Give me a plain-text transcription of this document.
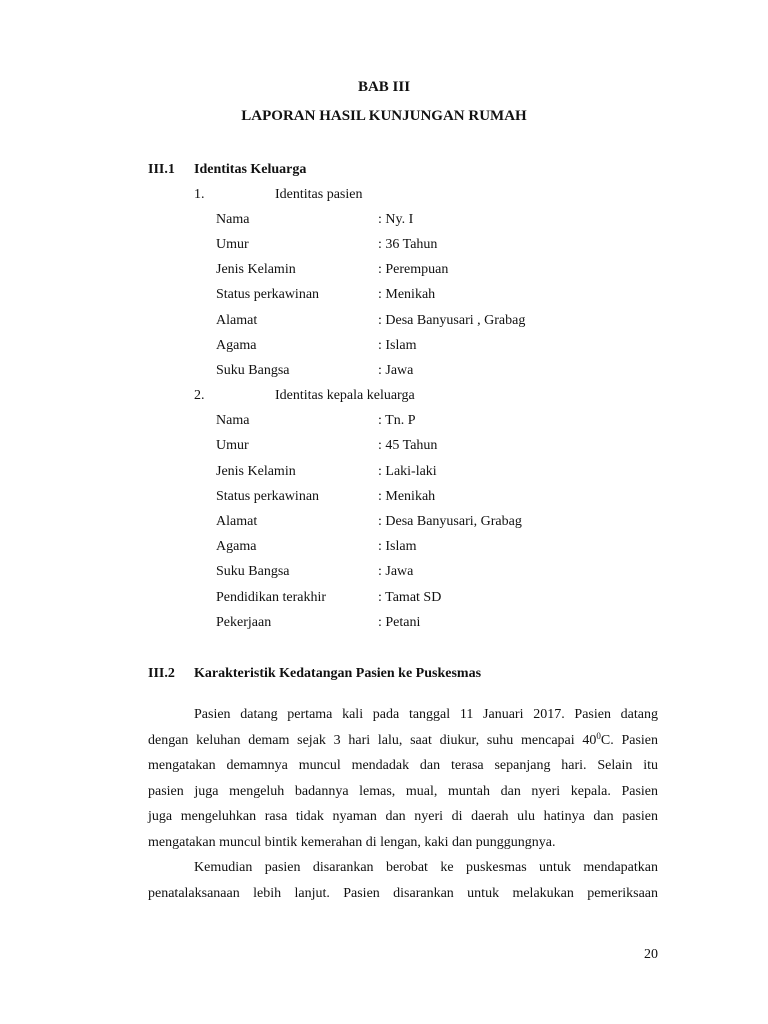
BAB III
LAPORAN HASIL KUNJUNGAN RUMAH
III.1 Identitas Keluarga
1.	Identitas pasien
Nama	: Ny. I
Umur	: 36 Tahun
Jenis Kelamin	: Perempuan
Status perkawinan	: Menikah
Alamat	: Desa Banyusari , Grabag
Agama	: Islam
Suku Bangsa	: Jawa
2.	Identitas kepala keluarga
Nama	: Tn. P
Umur	: 45 Tahun
Jenis Kelamin	: Laki-laki
Status perkawinan	: Menikah
Alamat	: Desa Banyusari, Grabag
Agama	: Islam
Suku Bangsa	: Jawa
Pendidikan terakhir	: Tamat SD
Pekerjaan	: Petani
III.2 Karakteristik Kedatangan Pasien ke Puskesmas

Pasien datang pertama kali pada tanggal 11 Januari 2017. Pasien datang
dengan keluhan demam sejak 3 hari lalu, saat diukur, suhu mencapai $40^0C$. Pasien
mengatakan demamnya muncul mendadak dan terasa sepanjang hari. Selain itu
pasien juga mengeluh badannya lemas, mual, muntah dan nyeri kepala. Pasien
juga mengeluhkan rasa tidak nyaman dan nyeri di daerah ulu hatinya dan pasien
mengatakan muncul bintik kemerahan di lengan, kaki dan punggungnya.

Kemudian pasien disarankan berobat ke puskesmas untuk mendapatkan
penatalaksanaan lebih lanjut. Pasien disarankan untuk melakukan pemeriksaan

20
